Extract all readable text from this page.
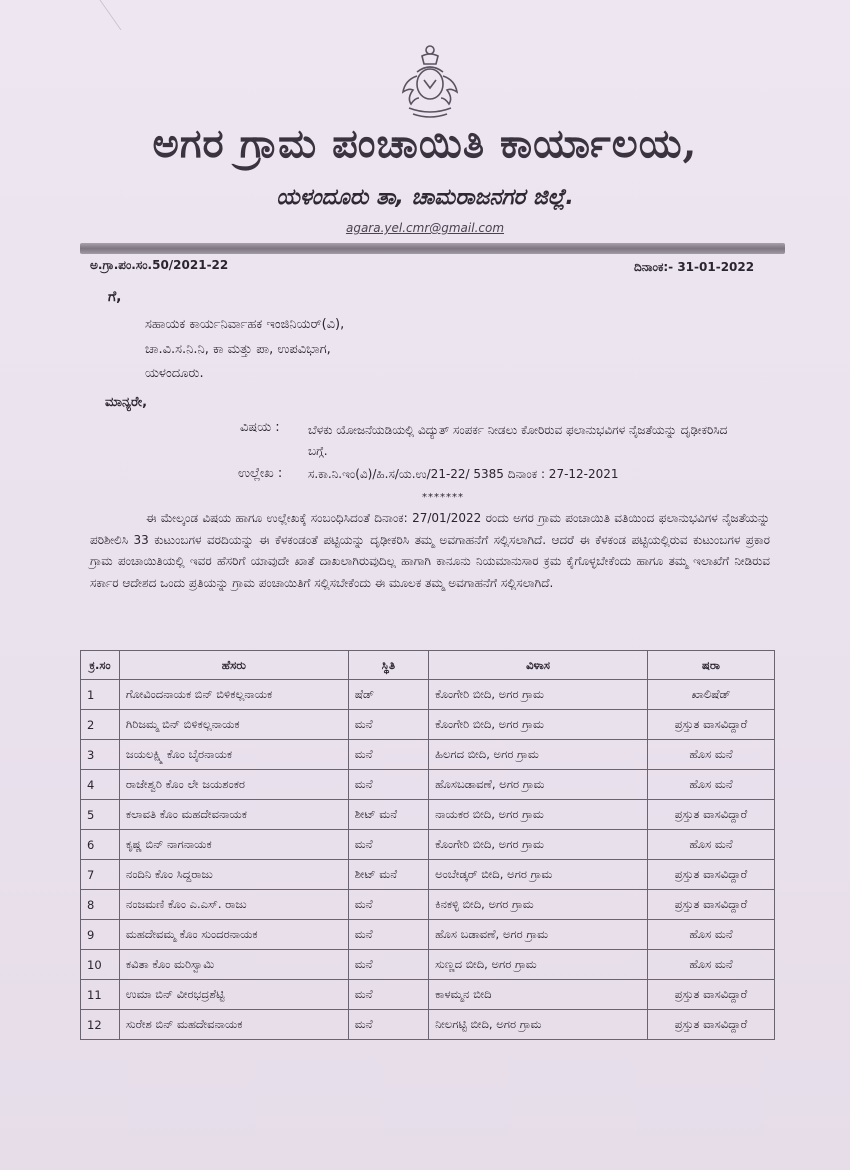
ಅಗರ ಗ್ರಾಮ ಪಂಚಾಯಿತಿ ಕಾರ್ಯಾಲಯ,
ಯಳಂದೂರು ತಾ, ಚಾಮರಾಜನಗರ ಜಿಲ್ಲೆ.
agara.yel.cmr@gmail.com
ಅ.ಗ್ರಾ.ಪಂ.ಸಂ.50/2021-22	ದಿನಾಂಕ:- 31-01-2022
ಗೆ,
ಸಹಾಯಕ ಕಾರ್ಯನಿರ್ವಾಹಕ ಇಂಜಿನಿಯರ್(ವಿ),
ಚಾ.ವಿ.ಸ.ನಿ.ನಿ, ಕಾ ಮತ್ತು ಪಾ, ಉಪವಿಭಾಗ,
ಯಳಂದೂರು.
ಮಾನ್ಯರೇ,
ವಿಷಯ : ಬೆಳಕು ಯೋಜನೆಯಡಿಯಲ್ಲಿ ವಿದ್ಯುತ್ ಸಂಪರ್ಕ ನೀಡಲು ಕೋರಿರುವ ಫಲಾನುಭವಿಗಳ ನೈಜತೆಯನ್ನು ದೃಢೀಕರಿಸಿದ ಬಗ್ಗೆ.
ಉಲ್ಲೇಖ : ಸ.ಕಾ.ನಿ.ಇಂ(ವಿ)/ಹಿ.ಸ/ಯ.ಉ/21-22/ 5385 ದಿನಾಂಕ : 27-12-2021
*******
ಈ ಮೇಲ್ಕಂಡ ವಿಷಯ ಹಾಗೂ ಉಲ್ಲೇಖಕ್ಕೆ ಸಂಬಂಧಿಸಿದಂತೆ ದಿನಾಂಕ: 27/01/2022 ರಂದು ಅಗರ ಗ್ರಾಮ ಪಂಚಾಯಿತಿ ವತಿಯಿಂದ ಫಲಾನುಭವಿಗಳ ನೈಜತೆಯನ್ನು ಪರಿಶೀಲಿಸಿ 33 ಕುಟುಂಬಗಳ ವರದಿಯನ್ನು ಈ ಕೆಳಕಂಡಂತೆ ಪಟ್ಟಿಯನ್ನು ದೃಢೀಕರಿಸಿ ತಮ್ಮ ಅವಗಾಹನೆಗೆ ಸಲ್ಲಿಸಲಾಗಿದೆ. ಆದರೆ ಈ ಕೆಳಕಂಡ ಪಟ್ಟಿಯಲ್ಲಿರುವ ಕುಟುಂಬಗಳ ಪ್ರಕಾರ ಗ್ರಾಮ ಪಂಚಾಯಿತಿಯಲ್ಲಿ ಇವರ ಹೆಸರಿಗೆ ಯಾವುದೇ ಖಾತೆ ದಾಖಲಾಗಿರುವುದಿಲ್ಲ ಹಾಗಾಗಿ ಕಾನೂನು ನಿಯಮಾನುಸಾರ ಕ್ರಮ ಕೈಗೊಳ್ಳಬೇಕೆಂದು ಹಾಗೂ ತಮ್ಮ ಇಲಾಖೆಗೆ ನೀಡಿರುವ ಸರ್ಕಾರ ಆದೇಶದ ಒಂದು ಪ್ರತಿಯನ್ನು ಗ್ರಾಮ ಪಂಚಾಯಿತಿಗೆ ಸಲ್ಲಿಸಬೇಕೆಂದು ಈ ಮೂಲಕ ತಮ್ಮ ಅವಗಾಹನೆಗೆ ಸಲ್ಲಿಸಲಾಗಿದೆ.
ಕ್ರ.ಸಂ	ಹೆಸರು	ಸ್ಥಿತಿ	ವಿಳಾಸ	ಷರಾ
1	ಗೋವಿಂದನಾಯಕ ಬಿನ್ ಬಿಳಿಕಲ್ಲನಾಯಕ	ಷೆಡ್	ಕೊಂಗೇರಿ ಬೀದಿ, ಅಗರ ಗ್ರಾಮ	ಖಾಲಿಷೆಡ್
2	ಗಿರಿಜಮ್ಮ ಬಿನ್ ಬಿಳಿಕಲ್ಲನಾಯಕ	ಮನೆ	ಕೊಂಗೇರಿ ಬೀದಿ, ಅಗರ ಗ್ರಾಮ	ಪ್ರಸ್ತುತ ವಾಸವಿದ್ದಾರೆ
3	ಜಯಲಕ್ಷ್ಮಿ ಕೊಂ ಬೈರನಾಯಕ	ಮನೆ	ಹಿಲಗದ ಬೀದಿ, ಅಗರ ಗ್ರಾಮ	ಹೊಸ ಮನೆ
4	ರಾಜೇಶ್ವರಿ ಕೊಂ ಲೇ ಜಯಶಂಕರ	ಮನೆ	ಹೊಸಬಡಾವಣೆ, ಅಗರ ಗ್ರಾಮ	ಹೊಸ ಮನೆ
5	ಕಲಾವತಿ ಕೊಂ ಮಹದೇವನಾಯಕ	ಶೀಟ್ ಮನೆ	ನಾಯಕರ ಬೀದಿ, ಅಗರ ಗ್ರಾಮ	ಪ್ರಸ್ತುತ ವಾಸವಿದ್ದಾರೆ
6	ಕೃಷ್ಣ ಬಿನ್ ನಾಗನಾಯಕ	ಮನೆ	ಕೊಂಗೇರಿ ಬೀದಿ, ಅಗರ ಗ್ರಾಮ	ಹೊಸ ಮನೆ
7	ನಂದಿನಿ ಕೊಂ ಸಿದ್ದರಾಜು	ಶೀಟ್ ಮನೆ	ಅಂಬೇಡ್ಕರ್ ಬೀದಿ, ಅಗರ ಗ್ರಾಮ	ಪ್ರಸ್ತುತ ವಾಸವಿದ್ದಾರೆ
8	ನಂಜಮಣಿ ಕೊಂ ಎ.ಎಸ್. ರಾಜು	ಮನೆ	ಕಿನಕಳ್ಳಿ ಬೀದಿ, ಅಗರ ಗ್ರಾಮ	ಪ್ರಸ್ತುತ ವಾಸವಿದ್ದಾರೆ
9	ಮಹದೇವಮ್ಮ ಕೊಂ ಸುಂದರನಾಯಕ	ಮನೆ	ಹೊಸ ಬಡಾವಣೆ, ಅಗರ ಗ್ರಾಮ	ಹೊಸ ಮನೆ
10	ಕವಿತಾ ಕೊಂ ಮರಿಸ್ವಾಮಿ	ಮನೆ	ಸುಣ್ಣದ ಬೀದಿ, ಅಗರ ಗ್ರಾಮ	ಹೊಸ ಮನೆ
11	ಉಮಾ ಬಿನ್ ವೀರಭದ್ರಶೆಟ್ಟಿ	ಮನೆ	ಕಾಳಮ್ಮನ ಬೀದಿ	ಪ್ರಸ್ತುತ ವಾಸವಿದ್ದಾರೆ
12	ಸುರೇಶ ಬಿನ್ ಮಹದೇವನಾಯಕ	ಮನೆ	ನೀಲಗಟ್ಟಿ ಬೀದಿ, ಅಗರ ಗ್ರಾಮ	ಪ್ರಸ್ತುತ ವಾಸವಿದ್ದಾರೆ
